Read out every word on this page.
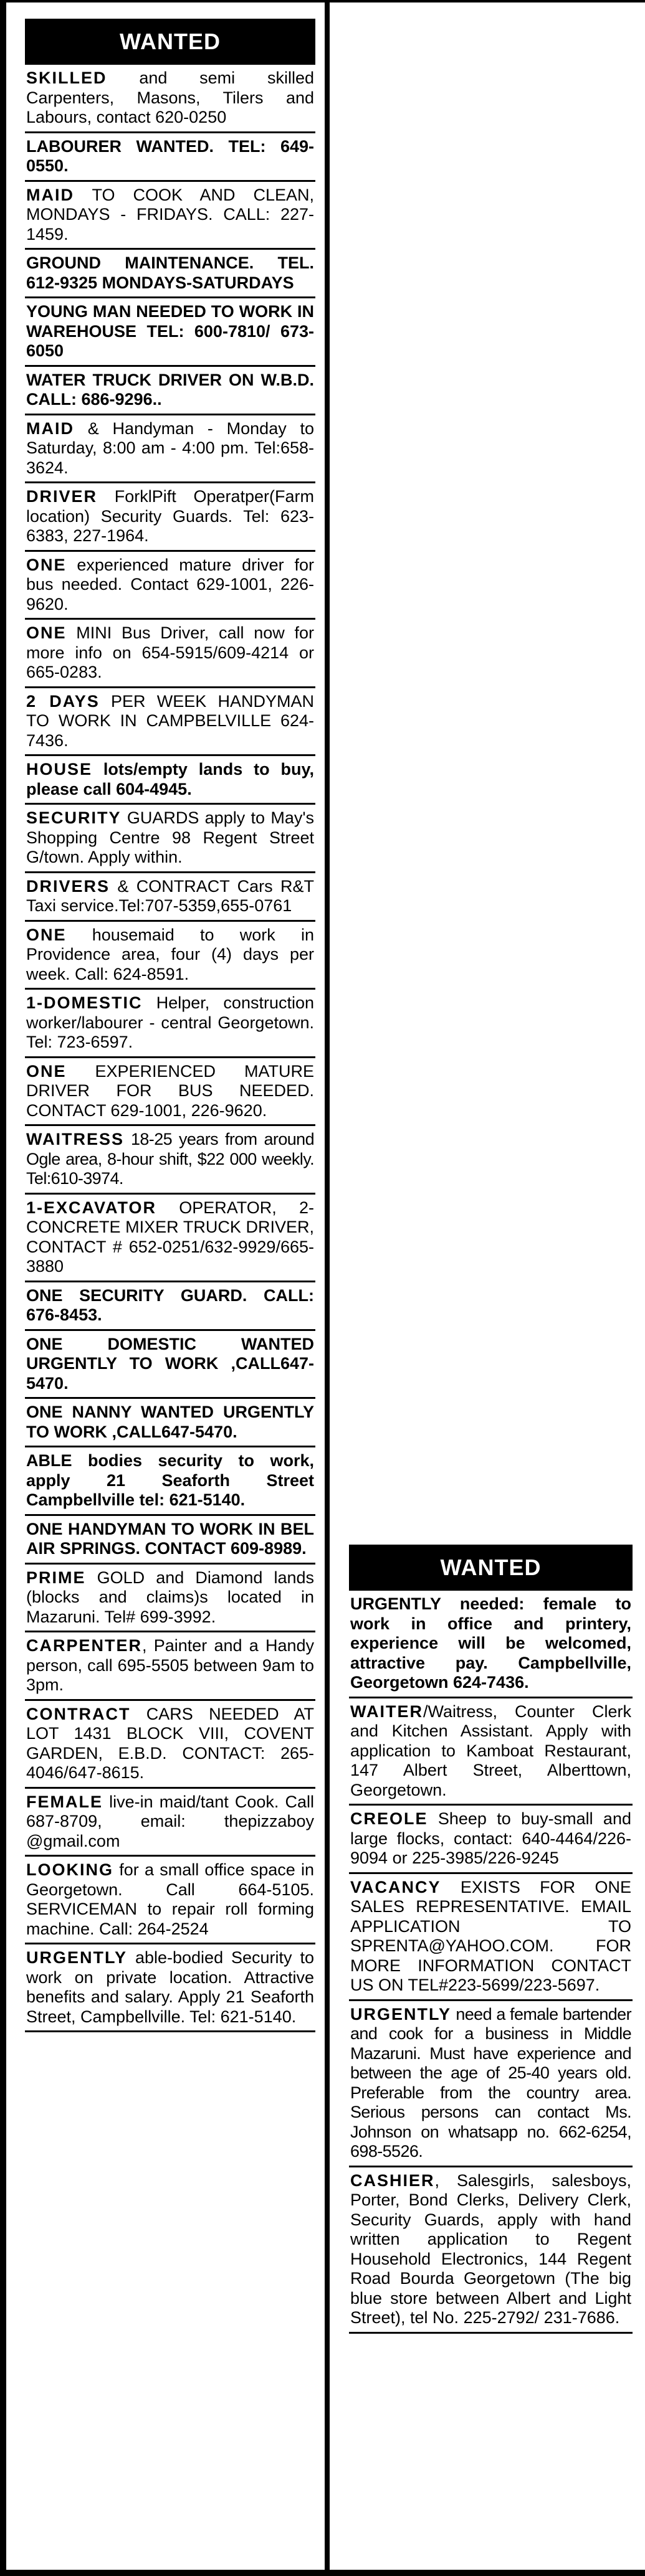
WANTED
SKILLED and semi skilled Carpenters, Masons, Tilers and Labours, contact 620-0250
LABOURER WANTED. TEL: 649-0550.
MAID TO COOK AND CLEAN, MONDAYS - FRIDAYS. CALL: 227-1459.
GROUND MAINTENANCE. TEL. 612-9325 MONDAYS-SATURDAYS
YOUNG MAN NEEDED TO WORK IN WAREHOUSE TEL: 600-7810/ 673-6050
WATER TRUCK DRIVER ON W.B.D. CALL: 686-9296..
MAID & Handyman - Monday to Saturday, 8:00 am - 4:00 pm. Tel:658-3624.
DRIVER ForklPift Operatper(Farm location) Security Guards. Tel: 623-6383, 227-1964.
ONE experienced mature driver for bus needed. Contact 629-1001, 226-9620.
ONE MINI Bus Driver, call now for more info on 654-5915/609-4214 or 665-0283.
2 DAYS PER WEEK HANDYMAN TO WORK IN CAMPBELVILLE 624-7436.
HOUSE lots/empty lands to buy, please call 604-4945.
SECURITY GUARDS apply to May's Shopping Centre 98 Regent Street G/town. Apply within.
DRIVERS & CONTRACT Cars R&T Taxi service.Tel:707-5359,655-0761
ONE housemaid to work in Providence area, four (4) days per week. Call: 624-8591.
1-DOMESTIC Helper, construction worker/labourer - central Georgetown. Tel: 723-6597.
ONE EXPERIENCED MATURE DRIVER FOR BUS NEEDED. CONTACT 629-1001, 226-9620.
WAITRESS 18-25 years from around Ogle area, 8-hour shift, $22 000 weekly. Tel:610-3974.
1-EXCAVATOR OPERATOR, 2- CONCRETE MIXER TRUCK DRIVER, CONTACT # 652-0251/632-9929/665-3880
ONE SECURITY GUARD. CALL: 676-8453.
ONE DOMESTIC WANTED URGENTLY TO WORK ,CALL647-5470.
ONE NANNY WANTED URGENTLY TO WORK ,CALL647-5470.
ABLE bodies security to work, apply 21 Seaforth Street Campbellville tel: 621-5140.
ONE HANDYMAN TO WORK IN BEL AIR SPRINGS. CONTACT 609-8989.
PRIME GOLD and Diamond lands (blocks and claims)s located in Mazaruni. Tel# 699-3992.
CARPENTER, Painter and a Handy person, call 695-5505 between 9am to 3pm.
CONTRACT CARS NEEDED AT LOT 1431 BLOCK VIII, COVENT GARDEN, E.B.D. CONTACT: 265-4046/647-8615.
FEMALE live-in maid/tant Cook. Call 687-8709, email: thepizzaboy @gmail.com
LOOKING for a small office space in Georgetown. Call 664-5105. SERVICEMAN to repair roll forming machine. Call: 264-2524
URGENTLY able-bodied Security to work on private location. Attractive benefits and salary. Apply 21 Seaforth Street, Campbellville. Tel: 621-5140.
WANTED
URGENTLY needed: female to work in office and printery, experience will be welcomed, attractive pay. Campbellville, Georgetown 624-7436.
WAITER/Waitress, Counter Clerk and Kitchen Assistant. Apply with application to Kamboat Restaurant, 147 Albert Street, Alberttown, Georgetown.
CREOLE Sheep to buy-small and large flocks, contact: 640-4464/226-9094 or 225-3985/226-9245
VACANCY EXISTS FOR ONE SALES REPRESENTATIVE. EMAIL APPLICATION TO SPRENTA@YAHOO.COM. FOR MORE INFORMATION CONTACT US ON TEL#223-5699/223-5697.
URGENTLY need a female bartender and cook for a business in Middle Mazaruni. Must have experience and between the age of 25-40 years old. Preferable from the country area. Serious persons can contact Ms. Johnson on whatsapp no. 662-6254, 698-5526.
CASHIER, Salesgirls, salesboys, Porter, Bond Clerks, Delivery Clerk, Security Guards, apply with hand written application to Regent Household Electronics, 144 Regent Road Bourda Georgetown (The big blue store between Albert and Light Street), tel No. 225-2792/ 231-7686.
